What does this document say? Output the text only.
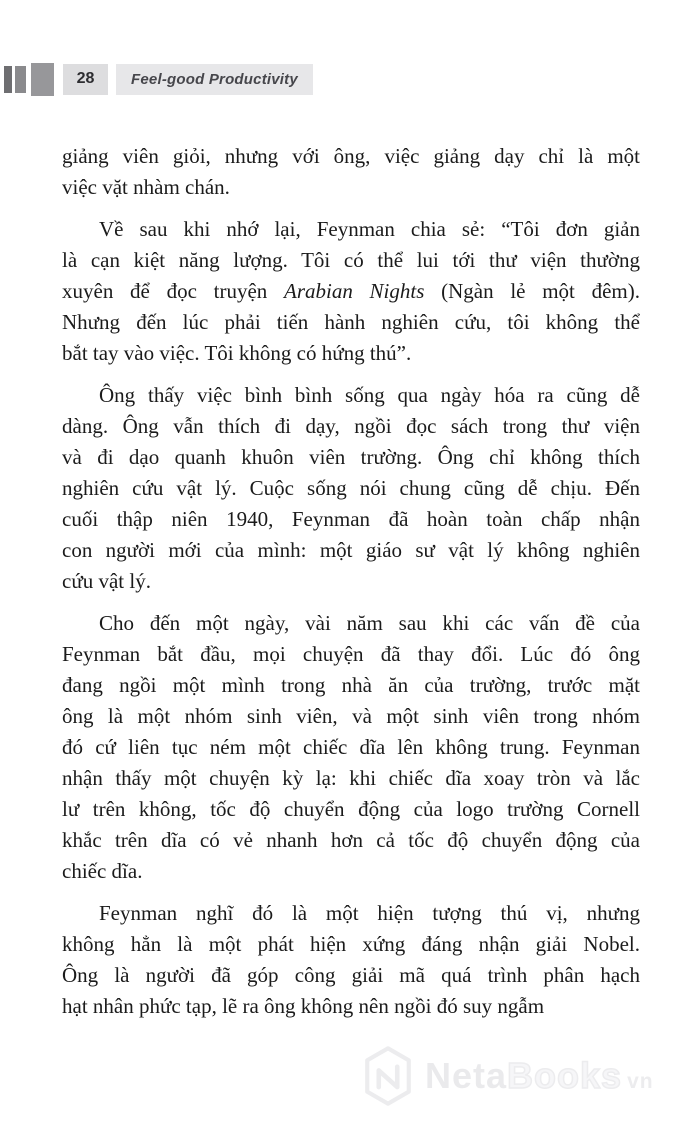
28	Feel-good Productivity
giảng viên giỏi, nhưng với ông, việc giảng dạy chỉ là một
việc vặt nhàm chán.
Về sau khi nhớ lại, Feynman chia sẻ: “Tôi đơn giản
là cạn kiệt năng lượng. Tôi có thể lui tới thư viện thường
xuyên để đọc truyện Arabian Nights (Ngàn lẻ một đêm).
Nhưng đến lúc phải tiến hành nghiên cứu, tôi không thể
bắt tay vào việc. Tôi không có hứng thú”.
Ông thấy việc bình bình sống qua ngày hóa ra cũng dễ
dàng. Ông vẫn thích đi dạy, ngồi đọc sách trong thư viện
và đi dạo quanh khuôn viên trường. Ông chỉ không thích
nghiên cứu vật lý. Cuộc sống nói chung cũng dễ chịu. Đến
cuối thập niên 1940, Feynman đã hoàn toàn chấp nhận
con người mới của mình: một giáo sư vật lý không nghiên
cứu vật lý.
Cho đến một ngày, vài năm sau khi các vấn đề của
Feynman bắt đầu, mọi chuyện đã thay đổi. Lúc đó ông
đang ngồi một mình trong nhà ăn của trường, trước mặt
ông là một nhóm sinh viên, và một sinh viên trong nhóm
đó cứ liên tục ném một chiếc dĩa lên không trung. Feynman
nhận thấy một chuyện kỳ lạ: khi chiếc dĩa xoay tròn và lắc
lư trên không, tốc độ chuyển động của logo trường Cornell
khắc trên dĩa có vẻ nhanh hơn cả tốc độ chuyển động của
chiếc dĩa.
Feynman nghĩ đó là một hiện tượng thú vị, nhưng
không hẳn là một phát hiện xứng đáng nhận giải Nobel.
Ông là người đã góp công giải mã quá trình phân hạch
hạt nhân phức tạp, lẽ ra ông không nên ngồi đó suy ngẫm
Neta Books vn
